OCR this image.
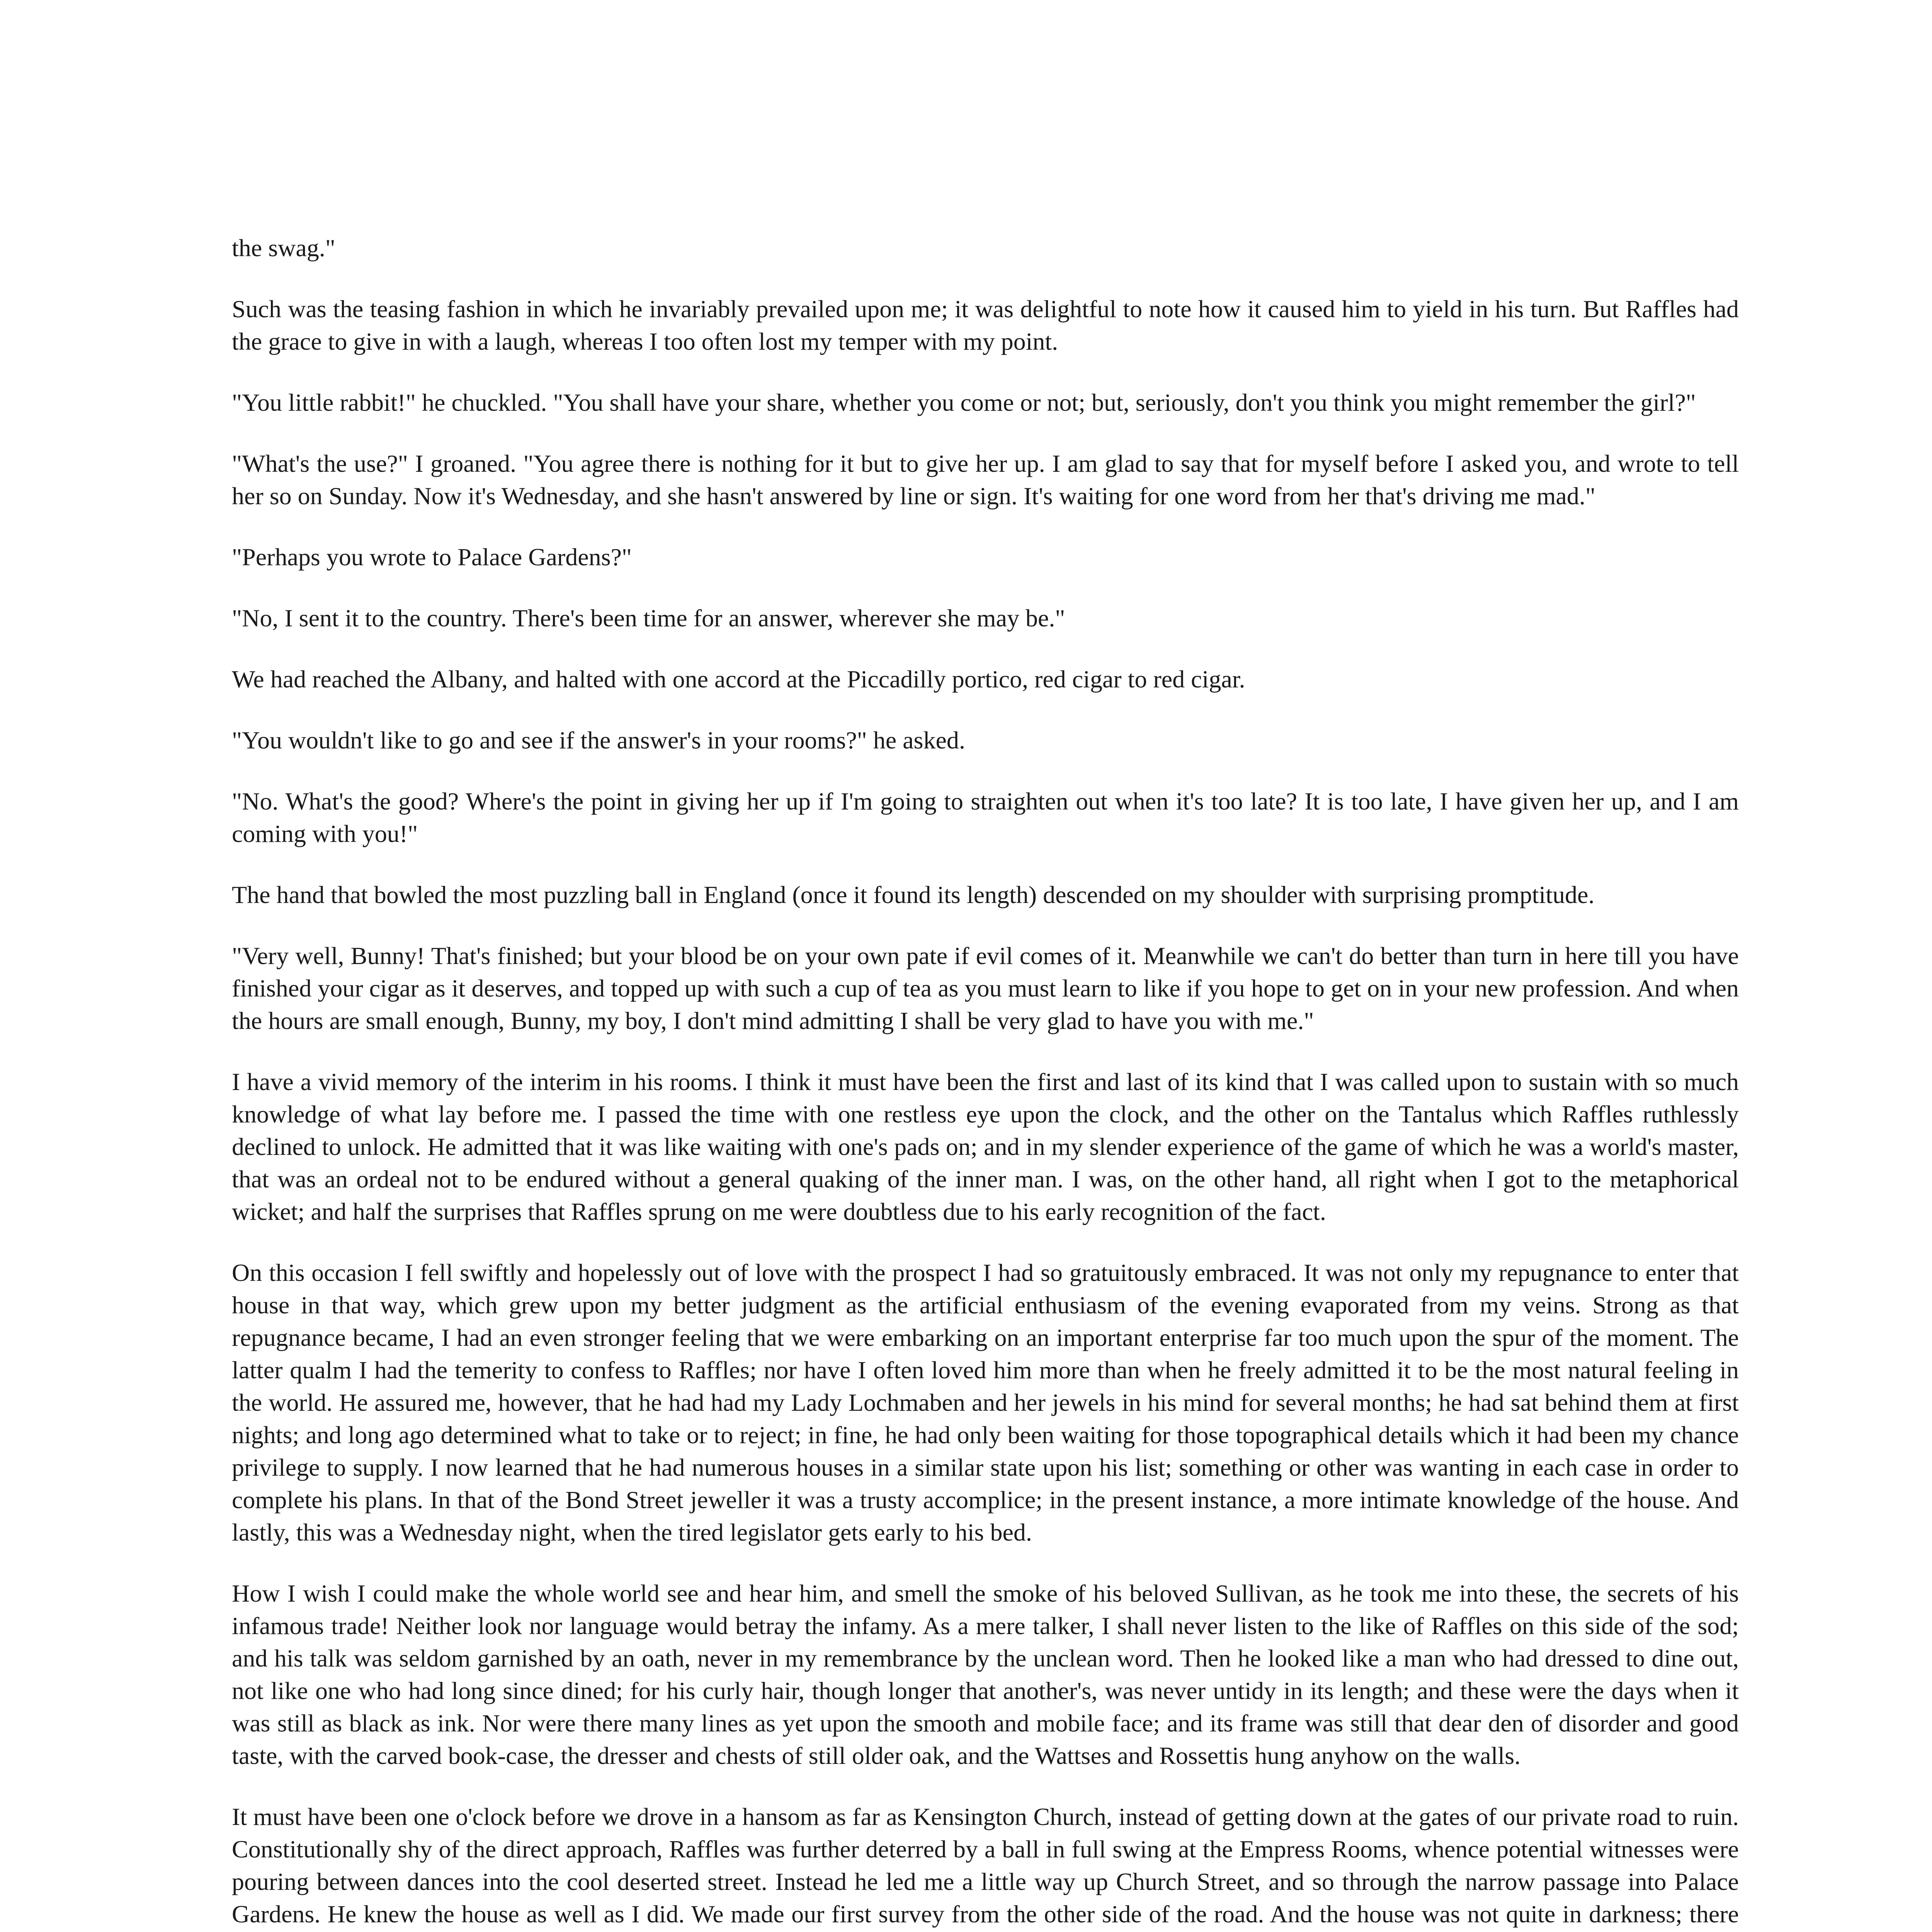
the swag."

Such was the teasing fashion in which he invariably prevailed upon me; it was delightful to note how it caused him to yield in his turn. But Raffles had the grace to give in with a laugh, whereas I too often lost my temper with my point.

"You little rabbit!" he chuckled. "You shall have your share, whether you come or not; but, seriously, don't you think you might remember the girl?"

"What's the use?" I groaned. "You agree there is nothing for it but to give her up. I am glad to say that for myself before I asked you, and wrote to tell her so on Sunday. Now it's Wednesday, and she hasn't answered by line or sign. It's waiting for one word from her that's driving me mad."

"Perhaps you wrote to Palace Gardens?"

"No, I sent it to the country. There's been time for an answer, wherever she may be."

We had reached the Albany, and halted with one accord at the Piccadilly portico, red cigar to red cigar.

"You wouldn't like to go and see if the answer's in your rooms?" he asked.

"No. What's the good? Where's the point in giving her up if I'm going to straighten out when it's too late? It is too late, I have given her up, and I am coming with you!"

The hand that bowled the most puzzling ball in England (once it found its length) descended on my shoulder with surprising promptitude.

"Very well, Bunny! That's finished; but your blood be on your own pate if evil comes of it. Meanwhile we can't do better than turn in here till you have finished your cigar as it deserves, and topped up with such a cup of tea as you must learn to like if you hope to get on in your new profession. And when the hours are small enough, Bunny, my boy, I don't mind admitting I shall be very glad to have you with me."

I have a vivid memory of the interim in his rooms. I think it must have been the first and last of its kind that I was called upon to sustain with so much knowledge of what lay before me. I passed the time with one restless eye upon the clock, and the other on the Tantalus which Raffles ruthlessly declined to unlock. He admitted that it was like waiting with one's pads on; and in my slender experience of the game of which he was a world's master, that was an ordeal not to be endured without a general quaking of the inner man. I was, on the other hand, all right when I got to the metaphorical wicket; and half the surprises that Raffles sprung on me were doubtless due to his early recognition of the fact.

On this occasion I fell swiftly and hopelessly out of love with the prospect I had so gratuitously embraced. It was not only my repugnance to enter that house in that way, which grew upon my better judgment as the artificial enthusiasm of the evening evaporated from my veins. Strong as that repugnance became, I had an even stronger feeling that we were embarking on an important enterprise far too much upon the spur of the moment. The latter qualm I had the temerity to confess to Raffles; nor have I often loved him more than when he freely admitted it to be the most natural feeling in the world. He assured me, however, that he had had my Lady Lochmaben and her jewels in his mind for several months; he had sat behind them at first nights; and long ago determined what to take or to reject; in fine, he had only been waiting for those topographical details which it had been my chance privilege to supply. I now learned that he had numerous houses in a similar state upon his list; something or other was wanting in each case in order to complete his plans. In that of the Bond Street jeweller it was a trusty accomplice; in the present instance, a more intimate knowledge of the house. And lastly, this was a Wednesday night, when the tired legislator gets early to his bed.

How I wish I could make the whole world see and hear him, and smell the smoke of his beloved Sullivan, as he took me into these, the secrets of his infamous trade! Neither look nor language would betray the infamy. As a mere talker, I shall never listen to the like of Raffles on this side of the sod; and his talk was seldom garnished by an oath, never in my remembrance by the unclean word. Then he looked like a man who had dressed to dine out, not like one who had long since dined; for his curly hair, though longer that another's, was never untidy in its length; and these were the days when it was still as black as ink. Nor were there many lines as yet upon the smooth and mobile face; and its frame was still that dear den of disorder and good taste, with the carved book-case, the dresser and chests of still older oak, and the Wattses and Rossettis hung anyhow on the walls.

It must have been one o'clock before we drove in a hansom as far as Kensington Church, instead of getting down at the gates of our private road to ruin. Constitutionally shy of the direct approach, Raffles was further deterred by a ball in full swing at the Empress Rooms, whence potential witnesses were pouring between dances into the cool deserted street. Instead he led me a little way up Church Street, and so through the narrow passage into Palace Gardens. He knew the house as well as I did. We made our first survey from the other side of the road. And the house was not quite in darkness; there
